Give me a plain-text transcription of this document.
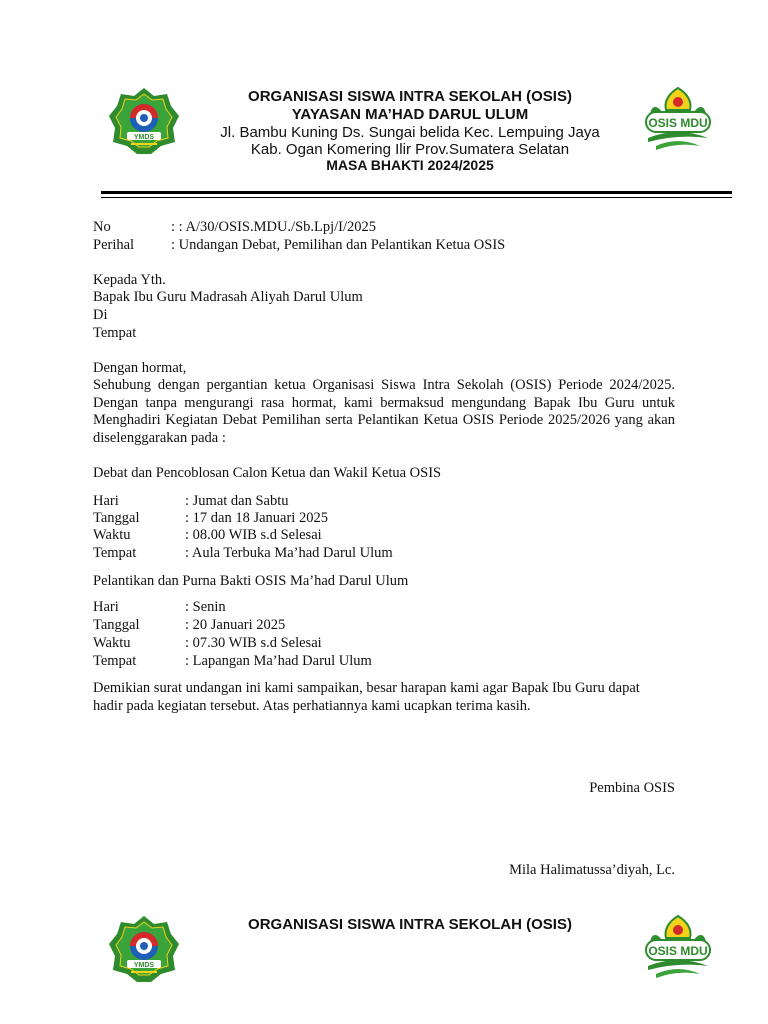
YMDS
OSIS MDU
ORGANISASI SISWA INTRA SEKOLAH (OSIS)
YAYASAN MA’HAD DARUL ULUM
Jl. Bambu Kuning Ds. Sungai belida Kec. Lempuing Jaya
Kab. Ogan Komering Ilir Prov.Sumatera Selatan
MASA BHAKTI 2024/2025
No	: : A/30/OSIS.MDU./Sb.Lpj/I/2025
Perihal	: Undangan Debat, Pemilihan dan Pelantikan Ketua OSIS
Kepada Yth.
Bapak Ibu Guru Madrasah Aliyah Darul Ulum
Di
Tempat
Dengan hormat,
Sehubung dengan pergantian ketua Organisasi Siswa Intra Sekolah (OSIS) Periode 2024/2025. Dengan tanpa mengurangi rasa hormat, kami bermaksud mengundang Bapak Ibu Guru untuk Menghadiri Kegiatan Debat Pemilihan serta Pelantikan Ketua OSIS Periode 2025/2026 yang akan diselenggarakan pada :
Debat dan Pencoblosan Calon Ketua dan Wakil Ketua OSIS
Hari	: Jumat dan Sabtu
Tanggal	: 17 dan 18 Januari 2025
Waktu	: 08.00 WIB s.d Selesai
Tempat	: Aula Terbuka Ma’had Darul Ulum
Pelantikan dan Purna Bakti OSIS Ma’had Darul Ulum
Hari	: Senin
Tanggal	: 20 Januari 2025
Waktu	: 07.30 WIB s.d Selesai
Tempat	: Lapangan Ma’had Darul Ulum
Demikian surat undangan ini kami sampaikan, besar harapan kami agar Bapak Ibu Guru dapat hadir pada kegiatan tersebut. Atas perhatiannya kami ucapkan terima kasih.
Pembina OSIS
Mila Halimatussa’diyah, Lc.
YMDS
ORGANISASI SISWA INTRA SEKOLAH (OSIS)
OSIS MDU
